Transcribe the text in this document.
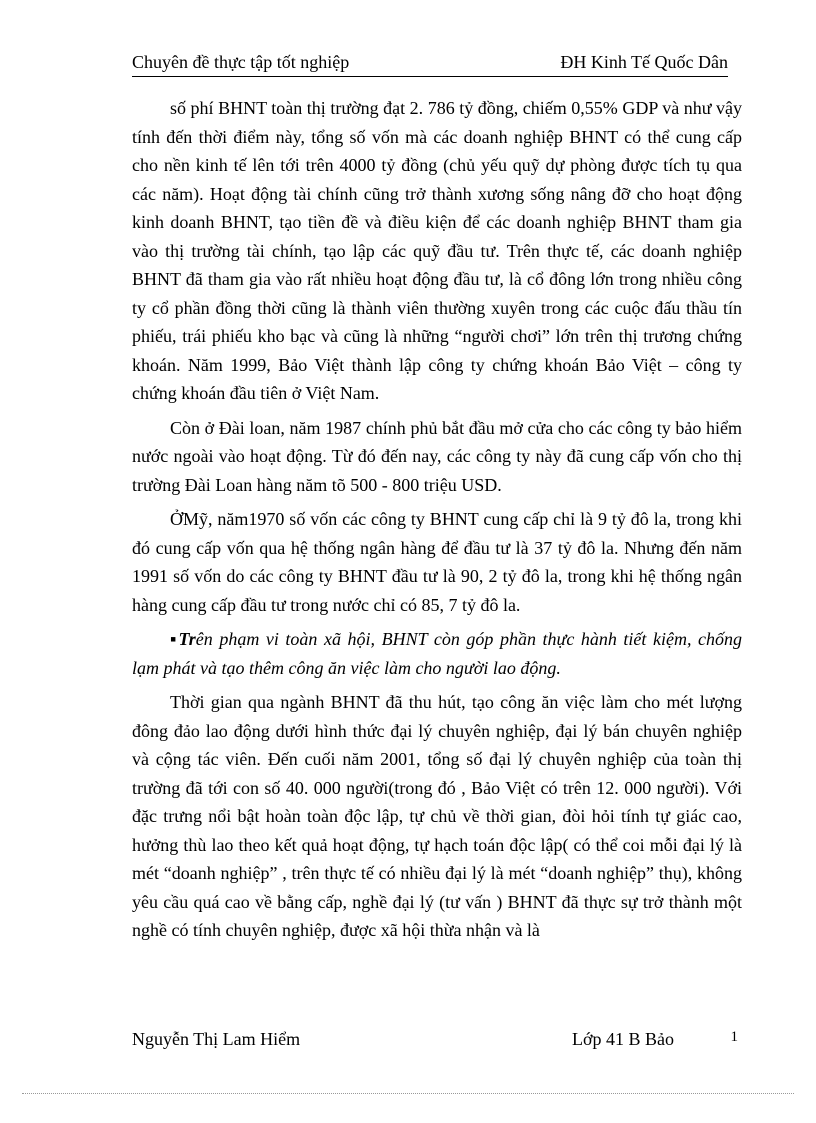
Chuyên đề thực tập tốt nghiệp	ĐH Kinh Tế Quốc Dân

số phí BHNT toàn thị trường đạt 2. 786 tỷ đồng, chiếm 0,55% GDP và như vậy tính đến thời điểm này, tổng số vốn mà các doanh nghiệp BHNT có thể cung cấp cho nền kinh tế lên tới trên 4000 tỷ đồng (chủ yếu quỹ dự phòng được tích tụ qua các năm). Hoạt động tài chính cũng trở thành xương sống nâng đỡ cho hoạt động kinh doanh BHNT, tạo tiền đề và điều kiện để các doanh nghiệp BHNT tham gia vào thị trường tài chính, tạo lập các quỹ đầu tư. Trên thực tế, các doanh nghiệp BHNT đã tham gia vào rất nhiều hoạt động đầu tư, là cổ đông lớn trong nhiều công ty cổ phần đồng thời cũng là thành viên thường xuyên trong các cuộc đấu thầu tín phiếu, trái phiếu kho bạc và cũng là những “người chơi” lớn trên thị trương chứng khoán. Năm 1999, Bảo Việt thành lập công ty chứng khoán Bảo Việt – công ty chứng khoán đầu tiên ở Việt Nam.

Còn ở Đài loan, năm 1987 chính phủ bắt đầu mở cửa cho các công ty bảo hiểm nước ngoài vào hoạt động. Từ đó đến nay, các công ty này đã cung cấp vốn cho thị trường Đài Loan hàng năm tõ 500 - 800 triệu USD.

ỞMỹ, năm1970 số vốn các công ty BHNT cung cấp chỉ là 9 tỷ đô la, trong khi đó cung cấp vốn qua hệ thống ngân hàng để đầu tư là 37 tỷ đô la. Nhưng đến năm 1991 số vốn do các công ty BHNT đầu tư là 90, 2 tỷ đô la, trong khi hệ thống ngân hàng cung cấp đầu tư trong nước chỉ có 85, 7 tỷ đô la.

▪Trên phạm vi toàn xã hội, BHNT còn góp phần thực hành tiết kiệm, chống lạm phát và tạo thêm công ăn việc làm cho người lao động.

Thời gian qua ngành BHNT đã thu hút, tạo công ăn việc làm cho mét lượng đông đảo lao động dưới hình thức đại lý chuyên nghiệp, đại lý bán chuyên nghiệp và cộng tác viên. Đến cuối năm 2001, tổng số đại lý chuyên nghiệp của toàn thị trường đã tới con số 40. 000 người(trong đó , Bảo Việt có trên 12. 000 người). Với đặc trưng nổi bật hoàn toàn độc lập, tự chủ về thời gian, đòi hỏi tính tự giác cao, hưởng thù lao theo kết quả hoạt động, tự hạch toán độc lập( có thể coi mỗi đại lý là mét “doanh nghiệp” , trên thực tế có nhiều đại lý là mét “doanh nghiệp” thụ), không yêu cầu quá cao về bằng cấp, nghề đại lý (tư vấn ) BHNT đã thực sự trở thành một nghề có tính chuyên nghiệp, được xã hội thừa nhận và là

Nguyễn Thị Lam Hiểm	Lớp 41 B Bảo	1
